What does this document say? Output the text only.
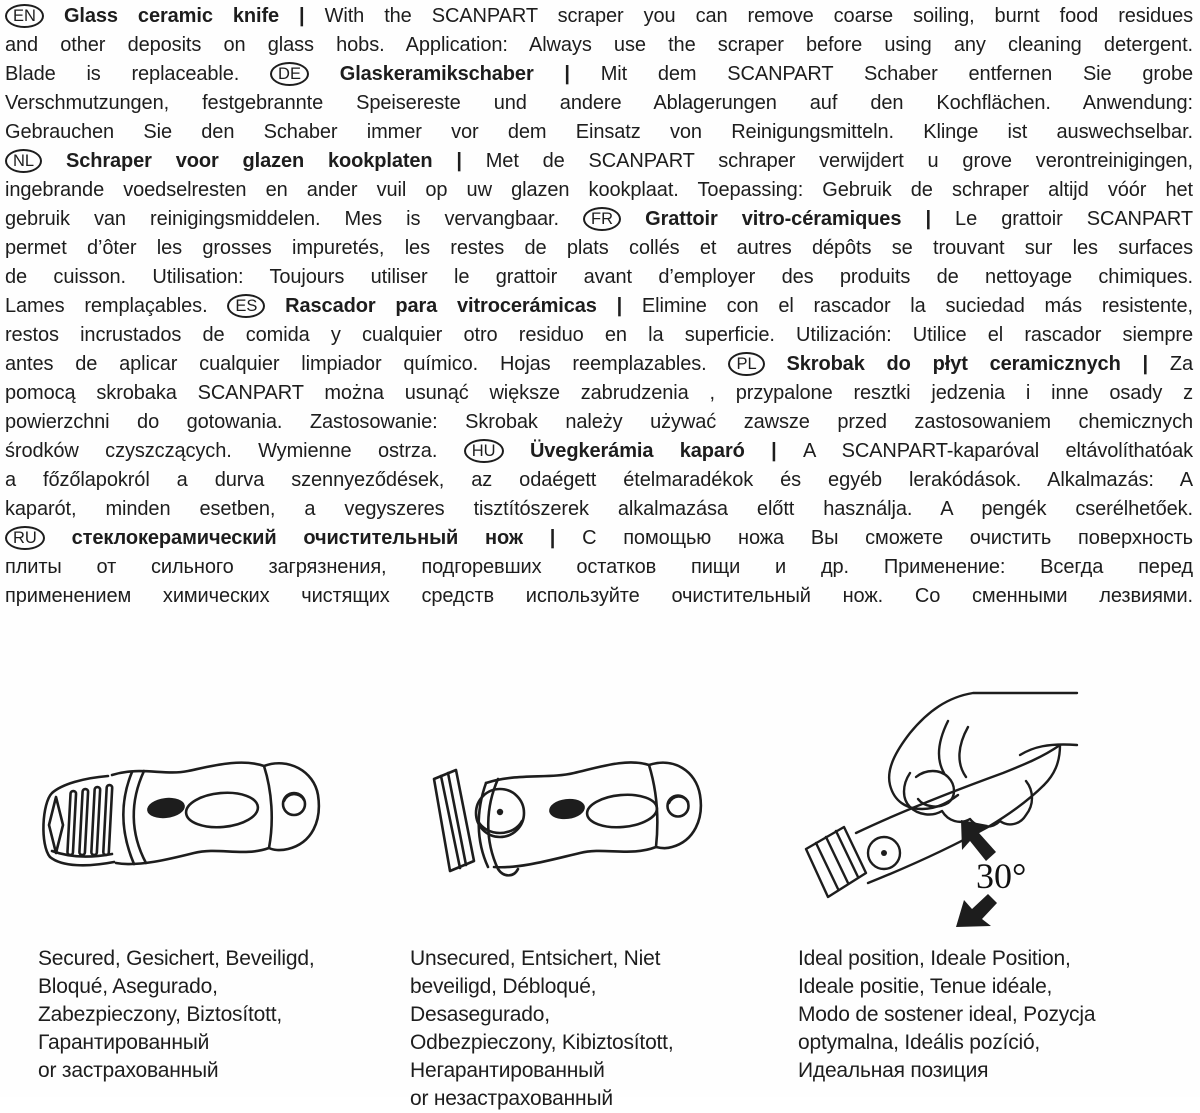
EN Glass ceramic knife | With the SCANPART scraper you can remove coarse soiling, burnt food residues
and other deposits on glass hobs. Application: Always use the scraper before using any cleaning detergent.
Blade is replaceable. DE Glaskeramikschaber | Mit dem SCANPART Schaber entfernen Sie grobe
Verschmutzungen, festgebrannte Speisereste und andere Ablagerungen auf den Kochflächen. Anwendung:
Gebrauchen Sie den Schaber immer vor dem Einsatz von Reinigungsmitteln. Klinge ist auswechselbar.
NL Schraper voor glazen kookplaten | Met de SCANPART schraper verwijdert u grove verontreinigingen,
ingebrande voedselresten en ander vuil op uw glazen kookplaat. Toepassing: Gebruik de schraper altijd vóór het
gebruik van reinigingsmiddelen. Mes is vervangbaar. FR Grattoir vitro-céramiques | Le grattoir SCANPART
permet d’ôter les grosses impuretés, les restes de plats collés et autres dépôts se trouvant sur les surfaces
de cuisson. Utilisation: Toujours utiliser le grattoir avant d’employer des produits de nettoyage chimiques.
Lames remplaçables. ES Rascador para vitrocerámicas | Elimine con el rascador la suciedad más resistente,
restos incrustados de comida y cualquier otro residuo en la superficie. Utilización: Utilice el rascador siempre
antes de aplicar cualquier limpiador químico. Hojas reemplazables. PL Skrobak do płyt ceramicznych | Za
pomocą skrobaka SCANPART można usunąć większe zabrudzenia , przypalone resztki jedzenia i inne osady z
powierzchni do gotowania. Zastosowanie: Skrobak należy używać zawsze przed zastosowaniem chemicznych
środków czyszczących. Wymienne ostrza. HU Üvegkerámia kaparó | A SCANPART-kaparóval eltávolíthatóak
a főzőlapokról a durva szennyeződések, az odaégett ételmaradékok és egyéb lerakódások. Alkalmazás: A
kaparót, minden esetben, a vegyszeres tisztítószerek alkalmazása előtt használja. A pengék cserélhetőek.
RU стеклокерамический очистительный нож | С помощью ножа Вы сможете очистить поверхность
плиты от сильного загрязнения, подгоревших остатков пищи и др. Применение: Всегда перед
применением химических чистящих средств используйте очистительный нож. Со сменными лезвиями.
30°
Secured, Gesichert, Beveiligd,
Bloqué, Asegurado,
Zabezpieczony, Biztosított,
Гарантированный
or застрахованный
Unsecured, Entsichert, Niet
beveiligd, Débloqué,
Desasegurado,
Odbezpieczony, Kibiztosított,
Негарантированный
or незастрахованный
Ideal position, Ideale Position,
Ideale positie, Tenue idéale,
Modo de sostener ideal, Pozycja
optymalna, Ideális pozíció,
Идеальная позиция
